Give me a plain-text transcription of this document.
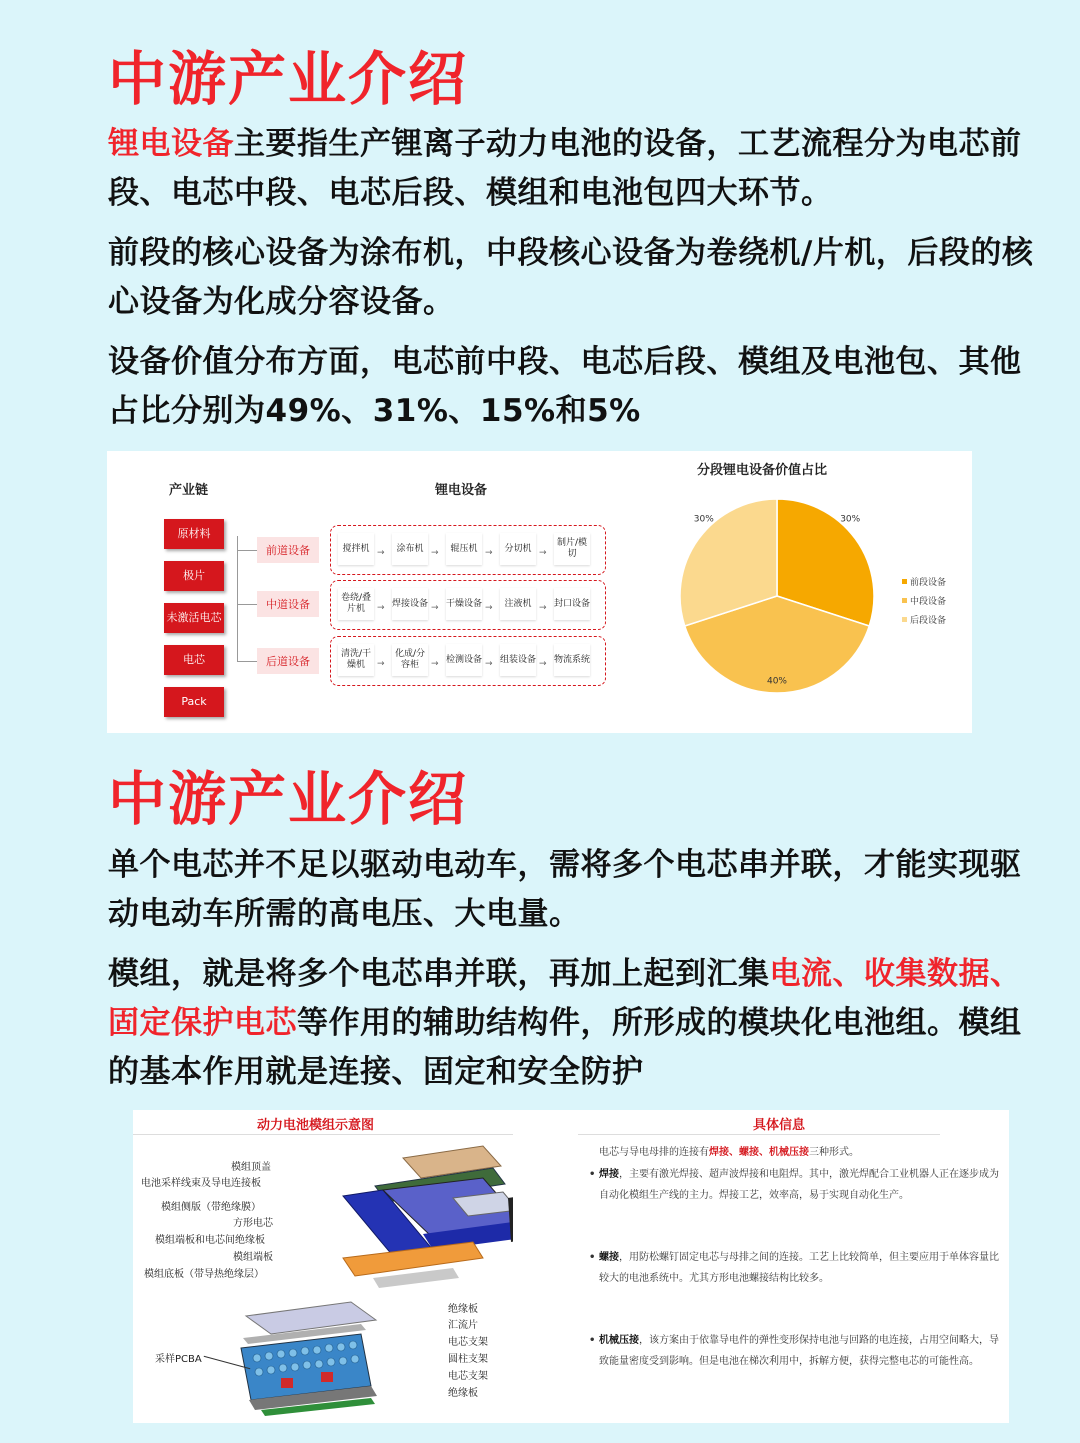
中游产业介绍

锂电设备主要指生产锂离子动力电池的设备，工艺流程分为电芯前段、电芯中段、电芯后段、模组和电池包四大环节。

前段的核心设备为涂布机，中段核心设备为卷绕机/片机，后段的核心设备为化成分容设备。

设备价值分布方面，电芯前中段、电芯后段、模组及电池包、其他占比分别为49%、31%、15%和5%

产业链	锂电设备
原材料
极片
未激活电芯
电芯
Pack
前道设备
中道设备
后道设备
搅拌机 →	涂布机 →	辊压机 →	分切机 →
制片/模切
卷绕/叠片机	→ 焊接设备 → 干燥设备 →	注液机 → 封口设备
清洗/干燥机	→
化成/分容柜	→ 检测设备 → 组装设备 → 物流系统
分段锂电设备价值占比
30%
40%
30%
前段设备
中段设备
后段设备
中游产业介绍

单个电芯并不足以驱动电动车，需将多个电芯串并联，才能实现驱动电动车所需的高电压、大电量。

模组，就是将多个电芯串并联，再加上起到汇集电流、收集数据、固定保护电芯等作用的辅助结构件，所形成的模块化电池组。模组的基本作用就是连接、固定和安全防护

动力电池模组示意图	具体信息
模组顶盖
电池采样线束及导电连接板
模组侧版（带绝缘膜）
方形电芯
模组端板和电芯间绝缘板
模组端板
模组底板（带导热绝缘层）
采样PCBA
绝缘板
汇流片
电芯支架
圆柱支架
电芯支架
绝缘板
电芯与导电母排的连接有焊接、螺接、机械压接三种形式。
• 焊接，主要有激光焊接、超声波焊接和电阻焊。其中，激光焊配合工业机器人正在逐步成为自动化模组生产线的主力。焊接工艺，效率高，易于实现自动化生产。
• 螺接，用防松螺钉固定电芯与母排之间的连接。工艺上比较简单，但主要应用于单体容量比较大的电池系统中。尤其方形电池螺接结构比较多。
• 机械压接，该方案由于依靠导电件的弹性变形保持电池与回路的电连接，占用空间略大，导致能量密度受到影响。但是电池在梯次利用中，拆解方便，获得完整电芯的可能性高。
